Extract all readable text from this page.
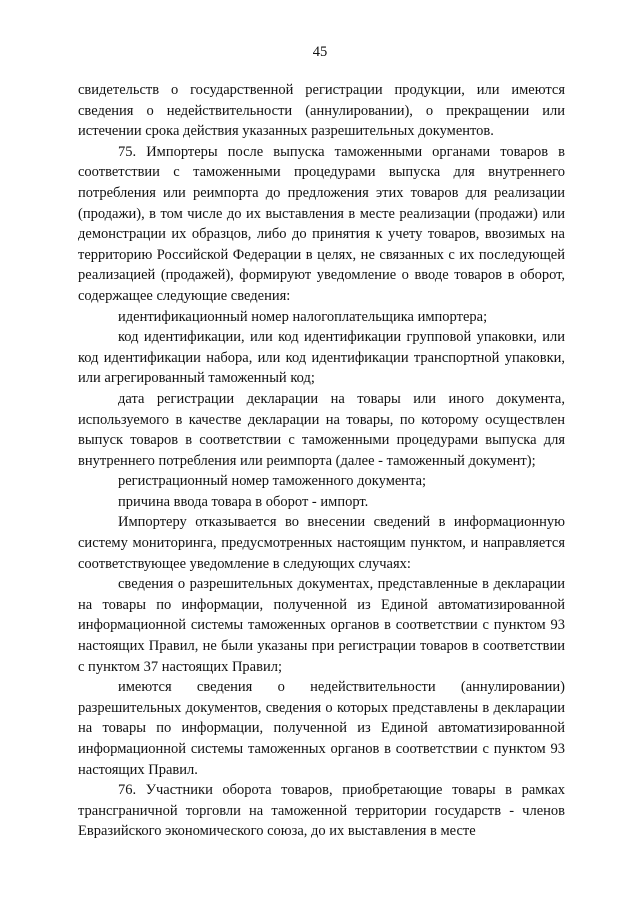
45

свидетельств о государственной регистрации продукции, или имеются сведения о недействительности (аннулировании), о прекращении или истечении срока действия указанных разрешительных документов.

75. Импортеры после выпуска таможенными органами товаров в соответствии с таможенными процедурами выпуска для внутреннего потребления или реимпорта до предложения этих товаров для реализации (продажи), в том числе до их выставления в месте реализации (продажи) или демонстрации их образцов, либо до принятия к учету товаров, ввозимых на территорию Российской Федерации в целях, не связанных с их последующей реализацией (продажей), формируют уведомление о вводе товаров в оборот, содержащее следующие сведения:

идентификационный номер налогоплательщика импортера;

код идентификации, или код идентификации групповой упаковки, или код идентификации набора, или код идентификации транспортной упаковки, или агрегированный таможенный код;

дата регистрации декларации на товары или иного документа, используемого в качестве декларации на товары, по которому осуществлен выпуск товаров в соответствии с таможенными процедурами выпуска для внутреннего потребления или реимпорта (далее - таможенный документ);

регистрационный номер таможенного документа;

причина ввода товара в оборот - импорт.

Импортеру отказывается во внесении сведений в информационную систему мониторинга, предусмотренных настоящим пунктом, и направляется соответствующее уведомление в следующих случаях:

сведения о разрешительных документах, представленные в декларации на товары по информации, полученной из Единой автоматизированной информационной системы таможенных органов в соответствии с пунктом 93 настоящих Правил, не были указаны при регистрации товаров в соответствии с пунктом 37 настоящих Правил;

имеются сведения о недействительности (аннулировании) разрешительных документов, сведения о которых представлены в декларации на товары по информации, полученной из Единой автоматизированной информационной системы таможенных органов в соответствии с пунктом 93 настоящих Правил.

76. Участники оборота товаров, приобретающие товары в рамках трансграничной торговли на таможенной территории государств - членов Евразийского экономического союза, до их выставления в месте
